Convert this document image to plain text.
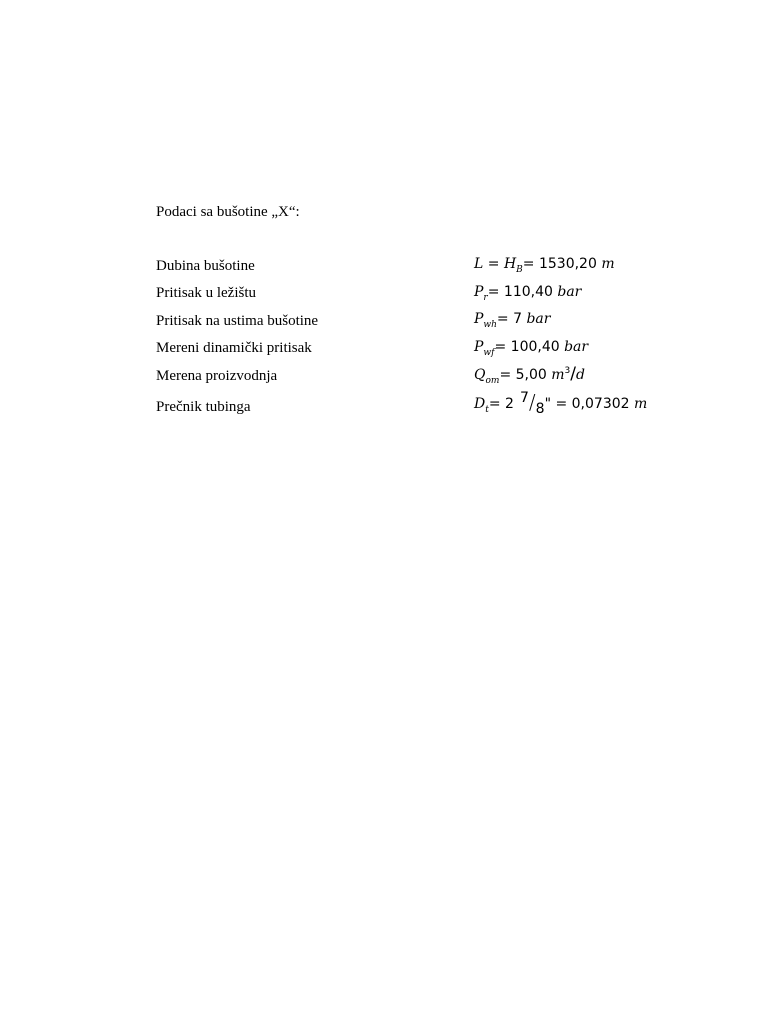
Podaci sa bušotine „X“:
Dubina bušotine	$L = H_B= 1530,20$ m
Pritisak u ležištu	$P_r= 110,40$ bar
Pritisak na ustima bušotine	$P_{wh}= 7$ bar
Mereni dinamički pritisak	$P_{wf}= 100,40$ bar
Merena proizvodnja	$Q_{om}= 5,00$ $m^3/d$
Prečnik tubinga	$D_t= 2$ 7/8" = 0,07302 m
